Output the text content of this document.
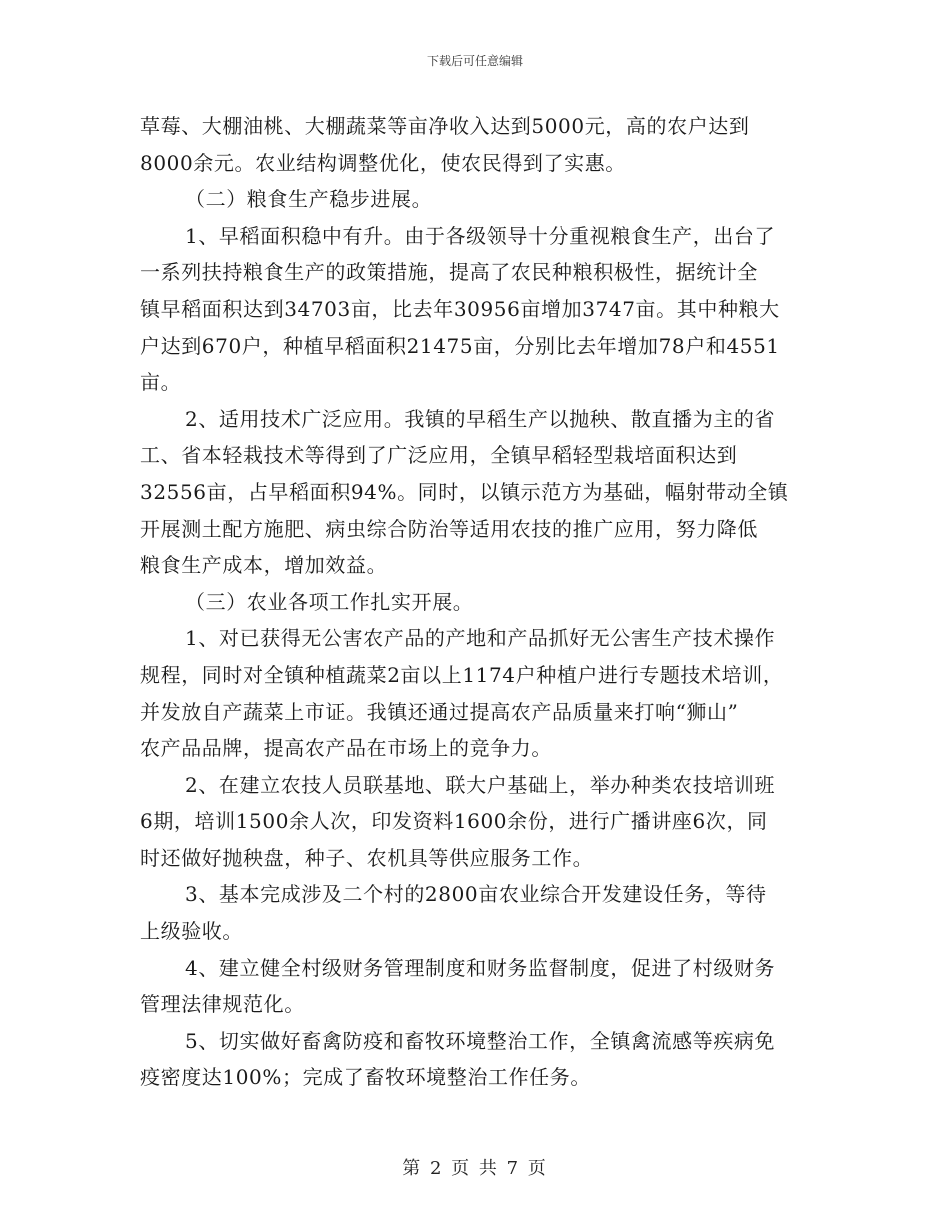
下载后可任意编辑
草莓、大棚油桃、大棚蔬菜等亩净收入达到5000元，高的农户达到
8000余元。农业结构调整优化，使农民得到了实惠。
（二）粮食生产稳步进展。
1、早稻面积稳中有升。由于各级领导十分重视粮食生产，出台了
一系列扶持粮食生产的政策措施，提高了农民种粮积极性，据统计全
镇早稻面积达到34703亩，比去年30956亩增加3747亩。其中种粮大
户达到670户，种植早稻面积21475亩，分别比去年增加78户和4551
亩。
2、适用技术广泛应用。我镇的早稻生产以抛秧、散直播为主的省
工、省本轻栽技术等得到了广泛应用，全镇早稻轻型栽培面积达到
32556亩，占早稻面积94%。同时，以镇示范方为基础，幅射带动全镇
开展测土配方施肥、病虫综合防治等适用农技的推广应用，努力降低
粮食生产成本，增加效益。
（三）农业各项工作扎实开展。
1、对已获得无公害农产品的产地和产品抓好无公害生产技术操作
规程，同时对全镇种植蔬菜2亩以上1174户种植户进行专题技术培训，
并发放自产蔬菜上市证。我镇还通过提高农产品质量来打响“狮山”
农产品品牌，提高农产品在市场上的竞争力。
2、在建立农技人员联基地、联大户基础上，举办种类农技培训班
6期，培训1500余人次，印发资料1600余份，进行广播讲座6次，同
时还做好抛秧盘，种子、农机具等供应服务工作。
3、基本完成涉及二个村的2800亩农业综合开发建设任务，等待
上级验收。
4、建立健全村级财务管理制度和财务监督制度，促进了村级财务
管理法律规范化。
5、切实做好畜禽防疫和畜牧环境整治工作，全镇禽流感等疾病免
疫密度达100%；完成了畜牧环境整治工作任务。
第 2 页 共 7 页
